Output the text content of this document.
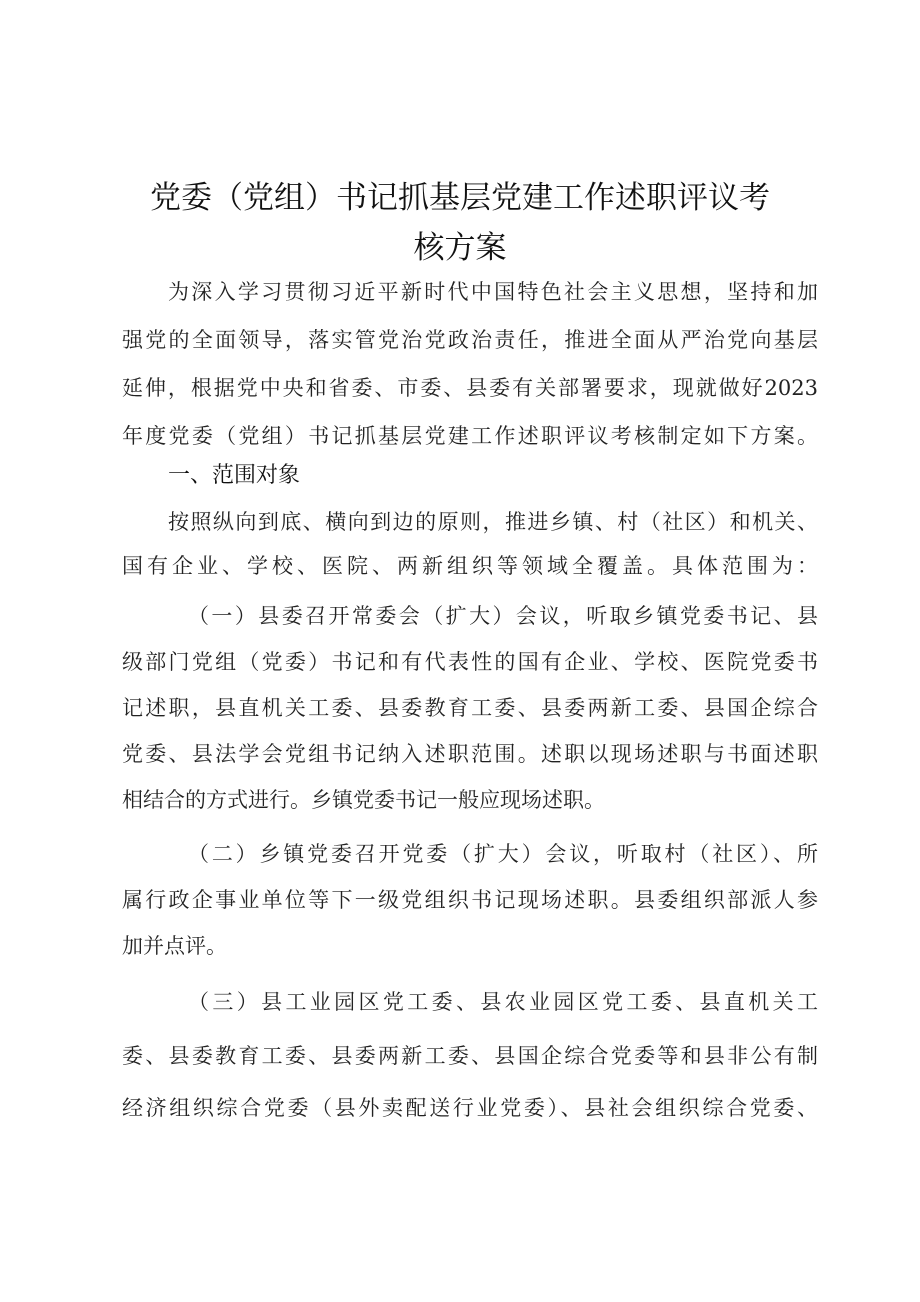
党委（党组）书记抓基层党建工作述职评议考
核方案
为深入学习贯彻习近平新时代中国特色社会主义思想，坚持和加
强党的全面领导，落实管党治党政治责任，推进全面从严治党向基层
延伸，根据党中央和省委、市委、县委有关部署要求，现就做好2023
年度党委（党组）书记抓基层党建工作述职评议考核制定如下方案。
一、范围对象
按照纵向到底、横向到边的原则，推进乡镇、村（社区）和机关、
国有企业、学校、医院、两新组织等领域全覆盖。具体范围为：
（一）县委召开常委会（扩大）会议，听取乡镇党委书记、县
级部门党组（党委）书记和有代表性的国有企业、学校、医院党委书
记述职，县直机关工委、县委教育工委、县委两新工委、县国企综合
党委、县法学会党组书记纳入述职范围。述职以现场述职与书面述职
相结合的方式进行。乡镇党委书记一般应现场述职。
（二）乡镇党委召开党委（扩大）会议，听取村（社区）、所
属行政企事业单位等下一级党组织书记现场述职。县委组织部派人参
加并点评。
（三）县工业园区党工委、县农业园区党工委、县直机关工
委、县委教育工委、县委两新工委、县国企综合党委等和县非公有制
经济组织综合党委（县外卖配送行业党委）、县社会组织综合党委、
